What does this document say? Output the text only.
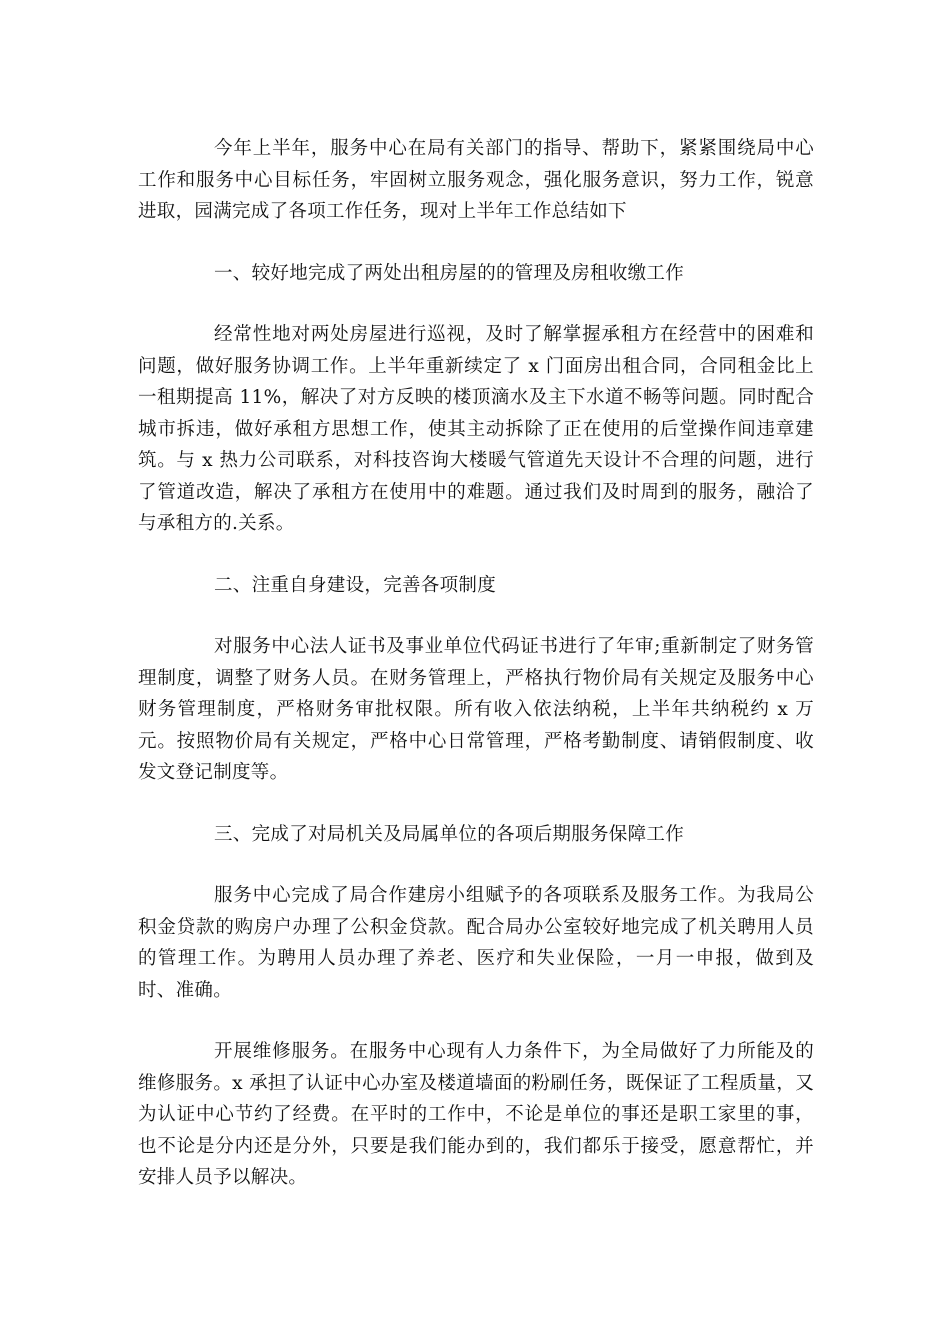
今年上半年，服务中心在局有关部门的指导、帮助下，紧紧围绕局中心工作和服务中心目标任务，牢固树立服务观念，强化服务意识，努力工作，锐意进取，园满完成了各项工作任务，现对上半年工作总结如下

一、较好地完成了两处出租房屋的的管理及房租收缴工作

经常性地对两处房屋进行巡视，及时了解掌握承租方在经营中的困难和问题，做好服务协调工作。上半年重新续定了 x 门面房出租合同，合同租金比上一租期提高 11%，解决了对方反映的楼顶滴水及主下水道不畅等问题。同时配合城市拆违，做好承租方思想工作，使其主动拆除了正在使用的后堂操作间违章建筑。与 x 热力公司联系，对科技咨询大楼暖气管道先天设计不合理的问题，进行了管道改造，解决了承租方在使用中的难题。通过我们及时周到的服务，融洽了与承租方的.关系。

二、注重自身建设，完善各项制度

对服务中心法人证书及事业单位代码证书进行了年审;重新制定了财务管理制度，调整了财务人员。在财务管理上，严格执行物价局有关规定及服务中心财务管理制度，严格财务审批权限。所有收入依法纳税，上半年共纳税约 x 万元。按照物价局有关规定，严格中心日常管理，严格考勤制度、请销假制度、收发文登记制度等。

三、完成了对局机关及局属单位的各项后期服务保障工作

服务中心完成了局合作建房小组赋予的各项联系及服务工作。为我局公积金贷款的购房户办理了公积金贷款。配合局办公室较好地完成了机关聘用人员的管理工作。为聘用人员办理了养老、医疗和失业保险，一月一申报，做到及时、准确。

开展维修服务。在服务中心现有人力条件下，为全局做好了力所能及的维修服务。x 承担了认证中心办室及楼道墙面的粉刷任务，既保证了工程质量，又为认证中心节约了经费。在平时的工作中，不论是单位的事还是职工家里的事，也不论是分内还是分外，只要是我们能办到的，我们都乐于接受，愿意帮忙，并安排人员予以解决。
